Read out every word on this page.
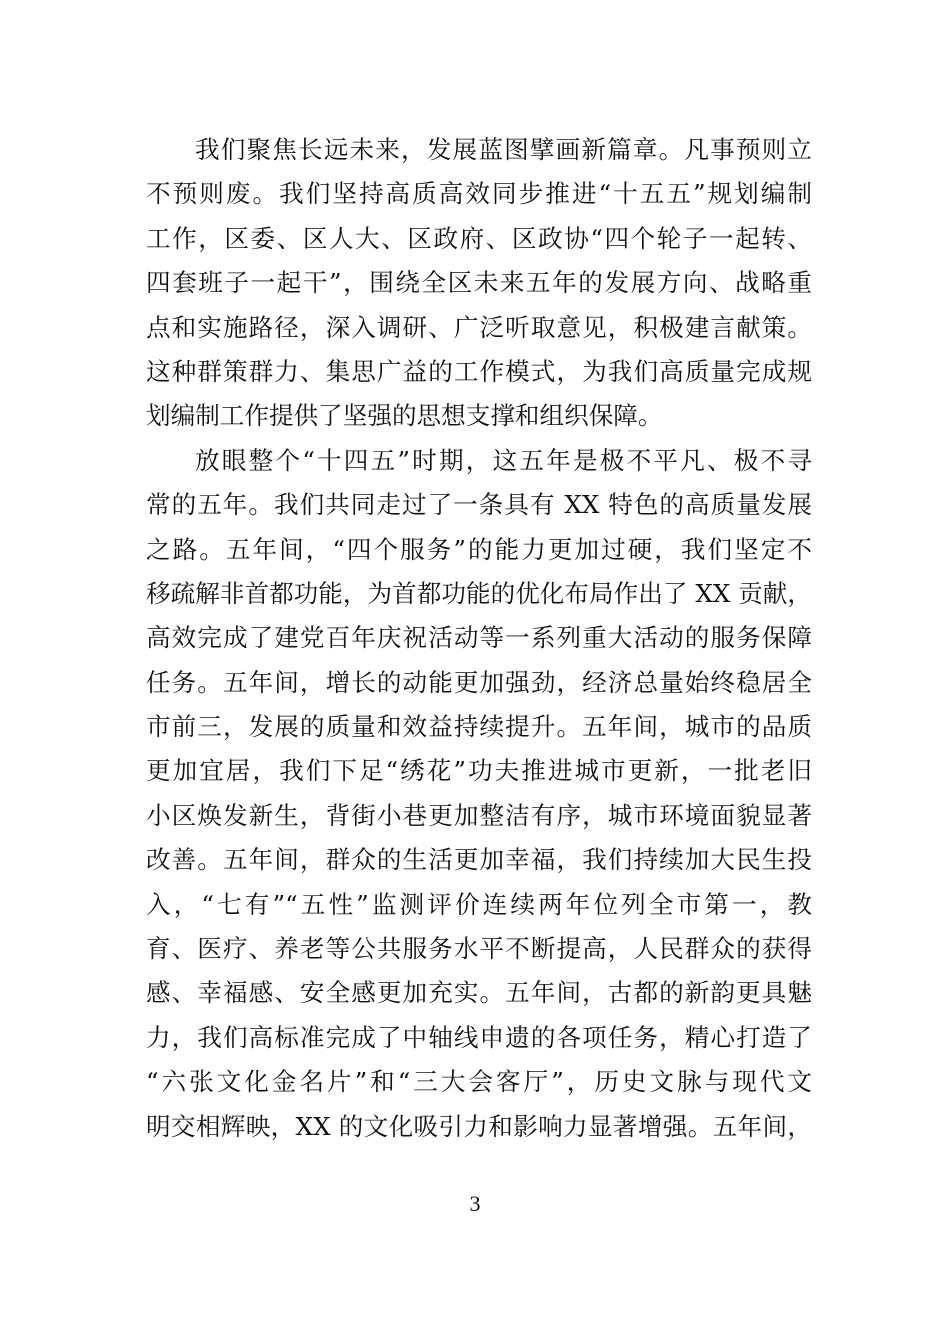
我们聚焦长远未来，发展蓝图擘画新篇章。凡事预则立
不预则废。我们坚持高质高效同步推进“十五五”规划编制
工作，区委、区人大、区政府、区政协“四个轮子一起转、
四套班子一起干”，围绕全区未来五年的发展方向、战略重
点和实施路径，深入调研、广泛听取意见，积极建言献策。
这种群策群力、集思广益的工作模式，为我们高质量完成规
划编制工作提供了坚强的思想支撑和组织保障。
放眼整个“十四五”时期，这五年是极不平凡、极不寻
常的五年。我们共同走过了一条具有 XX 特色的高质量发展
之路。五年间，“四个服务”的能力更加过硬，我们坚定不
移疏解非首都功能，为首都功能的优化布局作出了 XX 贡献，
高效完成了建党百年庆祝活动等一系列重大活动的服务保障
任务。五年间，增长的动能更加强劲，经济总量始终稳居全
市前三，发展的质量和效益持续提升。五年间，城市的品质
更加宜居，我们下足“绣花”功夫推进城市更新，一批老旧
小区焕发新生，背街小巷更加整洁有序，城市环境面貌显著
改善。五年间，群众的生活更加幸福，我们持续加大民生投
入，“七有”“五性”监测评价连续两年位列全市第一，教
育、医疗、养老等公共服务水平不断提高，人民群众的获得
感、幸福感、安全感更加充实。五年间，古都的新韵更具魅
力，我们高标准完成了中轴线申遗的各项任务，精心打造了
“六张文化金名片”和“三大会客厅”，历史文脉与现代文
明交相辉映，XX 的文化吸引力和影响力显著增强。五年间，
3
